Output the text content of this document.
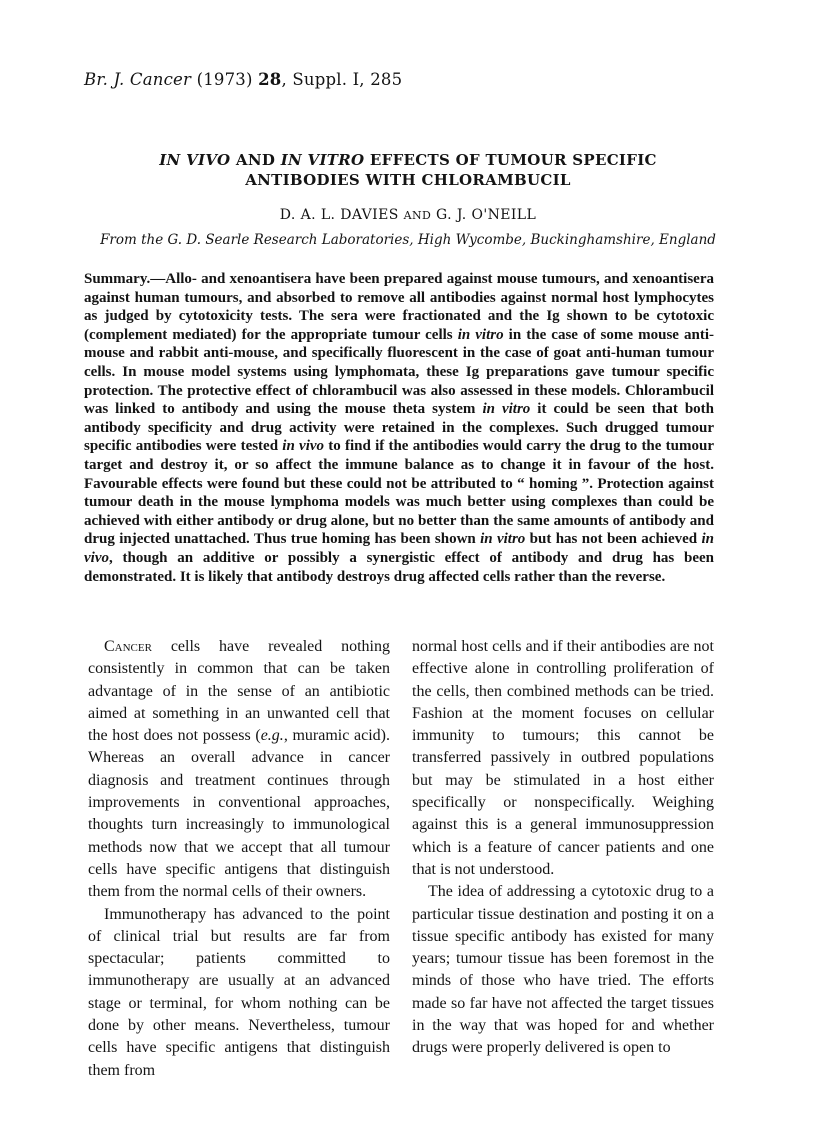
Br. J. Cancer (1973) 28, Suppl. I, 285
IN VIVO AND IN VITRO EFFECTS OF TUMOUR SPECIFIC
ANTIBODIES WITH CHLORAMBUCIL
D. A. L. DAVIES AND G. J. O'NEILL
From the G. D. Searle Research Laboratories, High Wycombe, Buckinghamshire, England
Summary.—Allo- and xenoantisera have been prepared against mouse tumours, and xenoantisera against human tumours, and absorbed to remove all antibodies against normal host lymphocytes as judged by cytotoxicity tests. The sera were fractionated and the Ig shown to be cytotoxic (complement mediated) for the appropriate tumour cells in vitro in the case of some mouse anti-mouse and rabbit anti-mouse, and specifically fluorescent in the case of goat anti-human tumour cells. In mouse model systems using lymphomata, these Ig preparations gave tumour specific protection. The protective effect of chlorambucil was also assessed in these models. Chlorambucil was linked to antibody and using the mouse theta system in vitro it could be seen that both antibody specificity and drug activity were retained in the complexes. Such drugged tumour specific antibodies were tested in vivo to find if the antibodies would carry the drug to the tumour target and destroy it, or so affect the immune balance as to change it in favour of the host. Favourable effects were found but these could not be attributed to “ homing ”. Protection against tumour death in the mouse lymphoma models was much better using complexes than could be achieved with either antibody or drug alone, but no better than the same amounts of antibody and drug injected unattached. Thus true homing has been shown in vitro but has not been achieved in vivo, though an additive or possibly a synergistic effect of antibody and drug has been demonstrated. It is likely that antibody destroys drug affected cells rather than the reverse.

Cancer cells have revealed nothing consistently in common that can be taken advantage of in the sense of an antibiotic aimed at something in an unwanted cell that the host does not possess (e.g., muramic acid). Whereas an overall advance in cancer diagnosis and treatment continues through improvements in conventional approaches, thoughts turn increasingly to immunological methods now that we accept that all tumour cells have specific antigens that distinguish them from the normal cells of their owners.

Immunotherapy has advanced to the point of clinical trial but results are far from spectacular; patients committed to immunotherapy are usually at an advanced stage or terminal, for whom nothing can be done by other means. Nevertheless, tumour cells have specific antigens that distinguish them from

normal host cells and if their antibodies are not effective alone in controlling proliferation of the cells, then combined methods can be tried. Fashion at the moment focuses on cellular immunity to tumours; this cannot be transferred passively in outbred populations but may be stimulated in a host either specifically or nonspecifically. Weighing against this is a general immunosuppression which is a feature of cancer patients and one that is not understood.

The idea of addressing a cytotoxic drug to a particular tissue destination and posting it on a tissue specific antibody has existed for many years; tumour tissue has been foremost in the minds of those who have tried. The efforts made so far have not affected the target tissues in the way that was hoped for and whether drugs were properly delivered is open to
